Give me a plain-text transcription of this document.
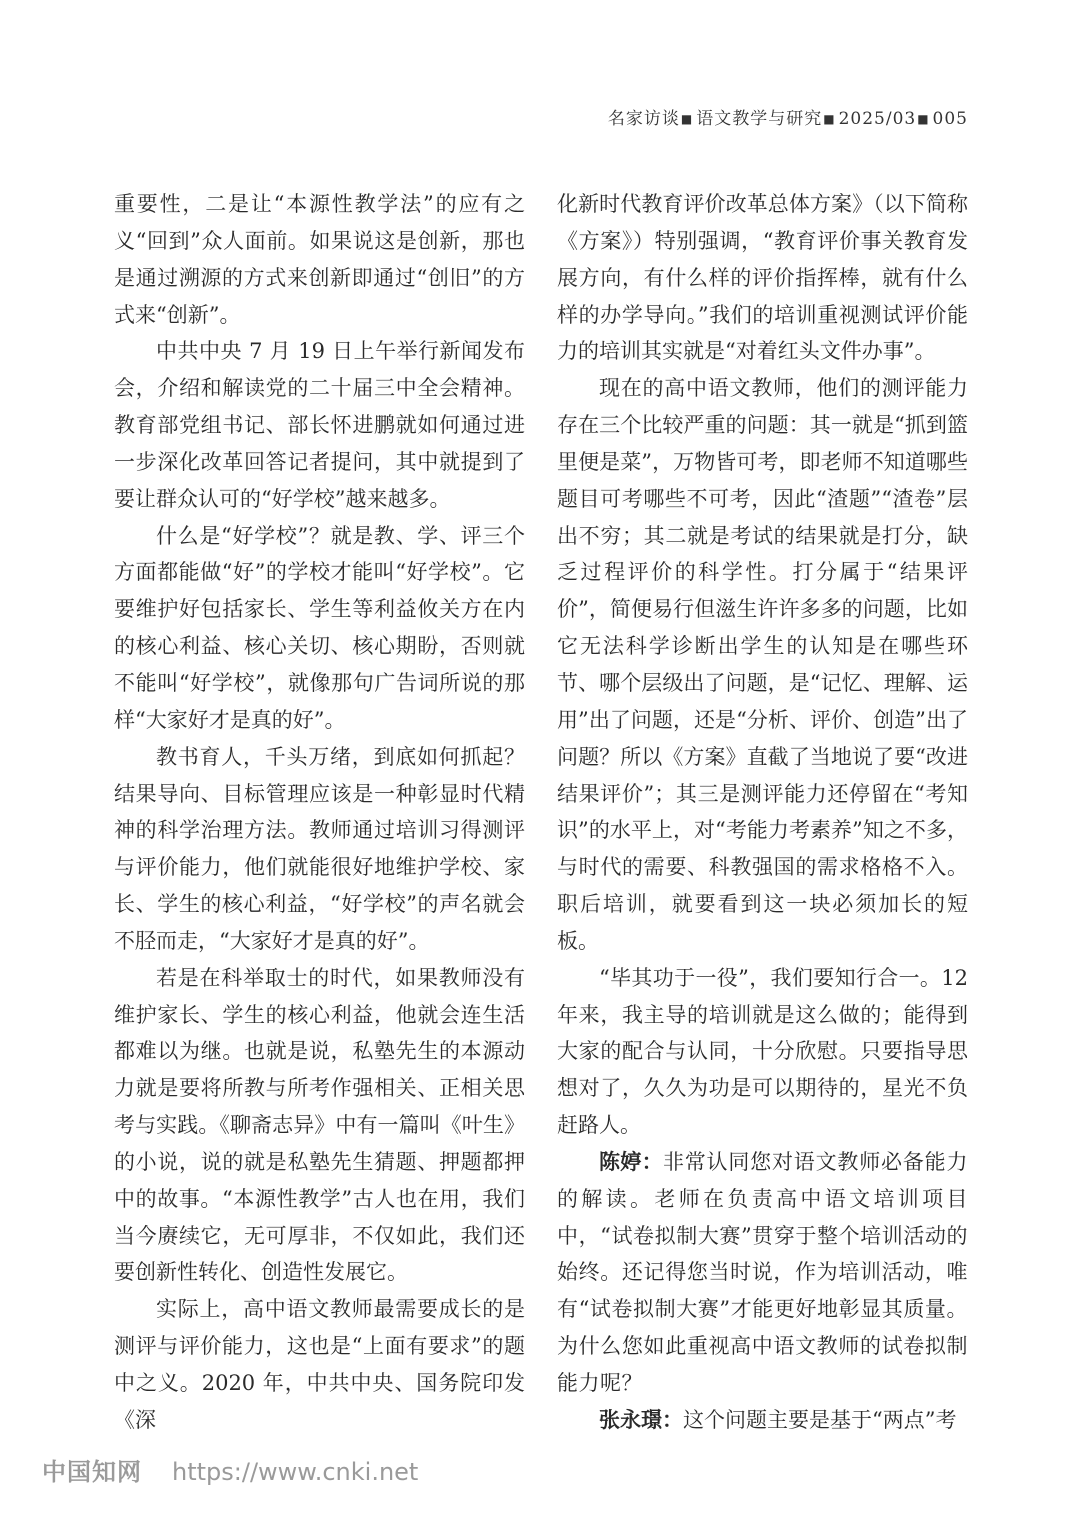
名家访谈■ 语文教学与研究■ 2025/03■ 005

重要性，二是让“本源性教学法”的应有之义“回到”众人面前。如果说这是创新，那也是通过溯源的方式来创新即通过“创旧”的方式来“创新”。

中共中央 7 月 19 日上午举行新闻发布会，介绍和解读党的二十届三中全会精神。教育部党组书记、部长怀进鹏就如何通过进一步深化改革回答记者提问，其中就提到了要让群众认可的“好学校”越来越多。

什么是“好学校”？就是教、学、评三个方面都能做“好”的学校才能叫“好学校”。它要维护好包括家长、学生等利益攸关方在内的核心利益、核心关切、核心期盼，否则就不能叫“好学校”，就像那句广告词所说的那样“大家好才是真的好”。

教书育人，千头万绪，到底如何抓起？结果导向、目标管理应该是一种彰显时代精神的科学治理方法。教师通过培训习得测评与评价能力，他们就能很好地维护学校、家长、学生的核心利益，“好学校”的声名就会不胫而走，“大家好才是真的好”。

若是在科举取士的时代，如果教师没有维护家长、学生的核心利益，他就会连生活都难以为继。也就是说，私塾先生的本源动力就是要将所教与所考作强相关、正相关思考与实践。《聊斋志异》中有一篇叫《叶生》的小说，说的就是私塾先生猜题、押题都押中的故事。“本源性教学”古人也在用，我们当今赓续它，无可厚非，不仅如此，我们还要创新性转化、创造性发展它。

实际上，高中语文教师最需要成长的是测评与评价能力，这也是“上面有要求”的题中之义。2020 年，中共中央、国务院印发《深

化新时代教育评价改革总体方案》（以下简称《方案》）特别强调，“教育评价事关教育发展方向，有什么样的评价指挥棒，就有什么样的办学导向。”我们的培训重视测试评价能力的培训其实就是“对着红头文件办事”。

现在的高中语文教师，他们的测评能力存在三个比较严重的问题：其一就是“抓到篮里便是菜”，万物皆可考，即老师不知道哪些题目可考哪些不可考，因此“渣题”“渣卷”层出不穷；其二就是考试的结果就是打分，缺乏过程评价的科学性。打分属于“结果评价”，简便易行但滋生许许多多的问题，比如它无法科学诊断出学生的认知是在哪些环节、哪个层级出了问题，是“记忆、理解、运用”出了问题，还是“分析、评价、创造”出了问题？所以《方案》直截了当地说了要“改进结果评价”；其三是测评能力还停留在“考知识”的水平上，对“考能力考素养”知之不多，与时代的需要、科教强国的需求格格不入。职后培训，就要看到这一块必须加长的短板。

“毕其功于一役”，我们要知行合一。12 年来，我主导的培训就是这么做的；能得到大家的配合与认同，十分欣慰。只要指导思想对了，久久为功是可以期待的，星光不负赶路人。

陈婷：非常认同您对语文教师必备能力的解读。老师在负责高中语文培训项目中，“试卷拟制大赛”贯穿于整个培训活动的始终。还记得您当时说，作为培训活动，唯有“试卷拟制大赛”才能更好地彰显其质量。为什么您如此重视高中语文教师的试卷拟制能力呢？

张永璟：这个问题主要是基于“两点”考

中国知网 https://www.cnki.net
